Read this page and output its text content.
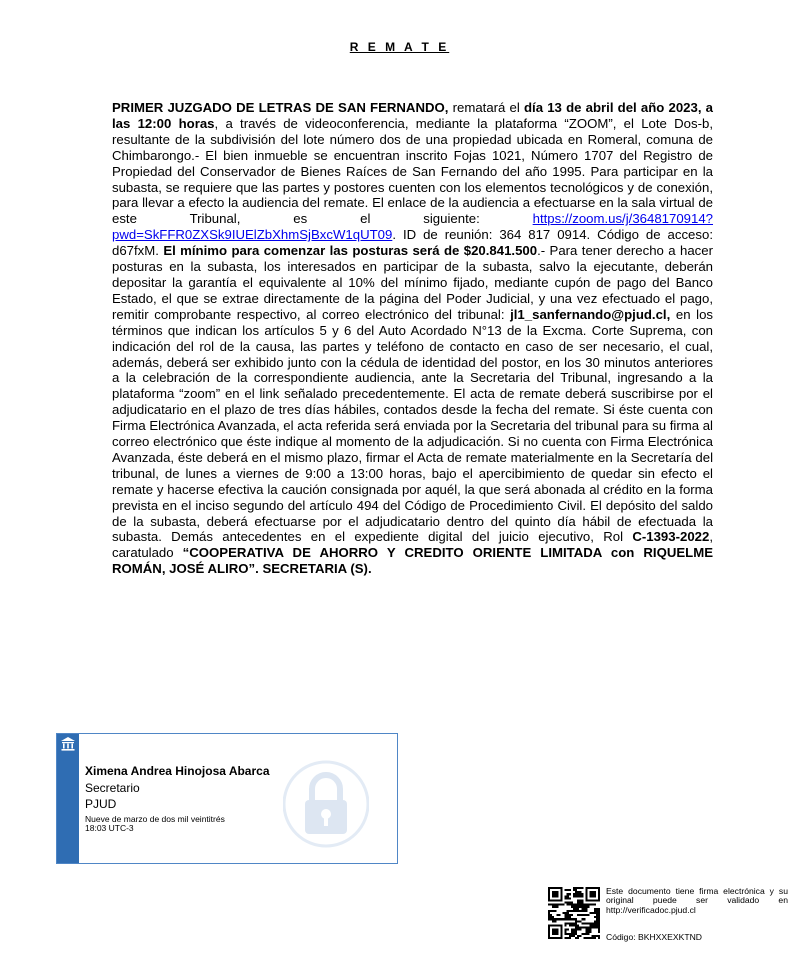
R E M A T E
PRIMER JUZGADO DE LETRAS DE SAN FERNANDO, rematará el día 13 de abril del año 2023, a las 12:00 horas, a través de videoconferencia, mediante la plataforma “ZOOM”, el Lote Dos-b, resultante de la subdivisión del lote número dos de una propiedad ubicada en Romeral, comuna de Chimbarongo.- El bien inmueble se encuentran inscrito Fojas 1021, Número 1707 del Registro de Propiedad del Conservador de Bienes Raíces de San Fernando del año 1995. Para participar en la subasta, se requiere que las partes y postores cuenten con los elementos tecnológicos y de conexión, para llevar a efecto la audiencia del remate. El enlace de la audiencia a efectuarse en la sala virtual de este Tribunal, es el siguiente: https://zoom.us/j/3648170914?pwd=SkFFR0ZXSk9IUElZbXhmSjBxcW1qUT09. ID de reunión: 364 817 0914. Código de acceso: d67fxM. El mínimo para comenzar las posturas será de $20.841.500.- Para tener derecho a hacer posturas en la subasta, los interesados en participar de la subasta, salvo la ejecutante, deberán depositar la garantía el equivalente al 10% del mínimo fijado, mediante cupón de pago del Banco Estado, el que se extrae directamente de la página del Poder Judicial, y una vez efectuado el pago, remitir comprobante respectivo, al correo electrónico del tribunal: jl1_sanfernando@pjud.cl, en los términos que indican los artículos 5 y 6 del Auto Acordado N°13 de la Excma. Corte Suprema, con indicación del rol de la causa, las partes y teléfono de contacto en caso de ser necesario, el cual, además, deberá ser exhibido junto con la cédula de identidad del postor, en los 30 minutos anteriores a la celebración de la correspondiente audiencia, ante la Secretaria del Tribunal, ingresando a la plataforma “zoom” en el link señalado precedentemente. El acta de remate deberá suscribirse por el adjudicatario en el plazo de tres días hábiles, contados desde la fecha del remate. Si éste cuenta con Firma Electrónica Avanzada, el acta referida será enviada por la Secretaria del tribunal para su firma al correo electrónico que éste indique al momento de la adjudicación. Si no cuenta con Firma Electrónica Avanzada, éste deberá en el mismo plazo, firmar el Acta de remate materialmente en la Secretaría del tribunal, de lunes a viernes de 9:00 a 13:00 horas, bajo el apercibimiento de quedar sin efecto el remate y hacerse efectiva la caución consignada por aquél, la que será abonada al crédito en la forma prevista en el inciso segundo del artículo 494 del Código de Procedimiento Civil. El depósito del saldo de la subasta, deberá efectuarse por el adjudicatario dentro del quinto día hábil de efectuada la subasta. Demás antecedentes en el expediente digital del juicio ejecutivo, Rol C-1393-2022, caratulado “COOPERATIVA DE AHORRO Y CREDITO ORIENTE LIMITADA con RIQUELME ROMÁN, JOSÉ ALIRO”. SECRETARIA (S).
Ximena Andrea Hinojosa Abarca
Secretario
PJUD
Nueve de marzo de dos mil veintitrés
18:03 UTC-3
Este documento tiene firma electrónica y su original puede ser validado en http://verificadoc.pjud.cl
Código: BKHXXEXKTND
